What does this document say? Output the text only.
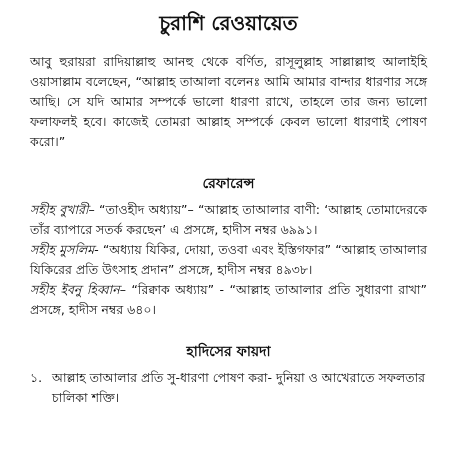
চুরাশি রেওয়ায়েত

আবু হুরায়রা রাদিয়াল্লাহু আনহু থেকে বর্ণিত, রাসূলুল্লাহ সাল্লাল্লাহু আলাইহি ওয়াসাল্লাম বলেছেন, “আল্লাহ তাআলা বলেনঃ আমি আমার বান্দার ধারণার সঙ্গে আছি। সে যদি আমার সম্পর্কে ভালো ধারণা রাখে, তাহলে তার জন্য ভালো ফলাফলই হবে। কাজেই তোমরা আল্লাহ সম্পর্কে কেবল ভালো ধারণাই পোষণ করো।”

রেফারেন্স

সহীহ বুখারী– “তাওহীদ অধ্যায়”– “আল্লাহ তাআলার বাণী: ‘আল্লাহ তোমাদেরকে তাঁর ব্যাপারে সতর্ক করছেন’ এ প্রসঙ্গে, হাদীস নম্বর ৬৯৯১।

সহীহ মুসলিম- “অধ্যায় যিকির, দোয়া, তওবা এবং ইস্তিগফার” “আল্লাহ তাআলার যিকিরের প্রতি উৎসাহ প্রদান” প্রসঙ্গে, হাদীস নম্বর ৪৯৩৮।

সহীহ ইবনু হিব্বান– “রিক্বাক অধ্যায়” - “আল্লাহ তাআলার প্রতি সুধারণা রাখা” প্রসঙ্গে, হাদীস নম্বর ৬৪০।

হাদিসের ফায়দা
১. আল্লাহ তাআলার প্রতি সু-ধারণা পোষণ করা- দুনিয়া ও আখেরাতে সফলতার চালিকা শক্তি।
